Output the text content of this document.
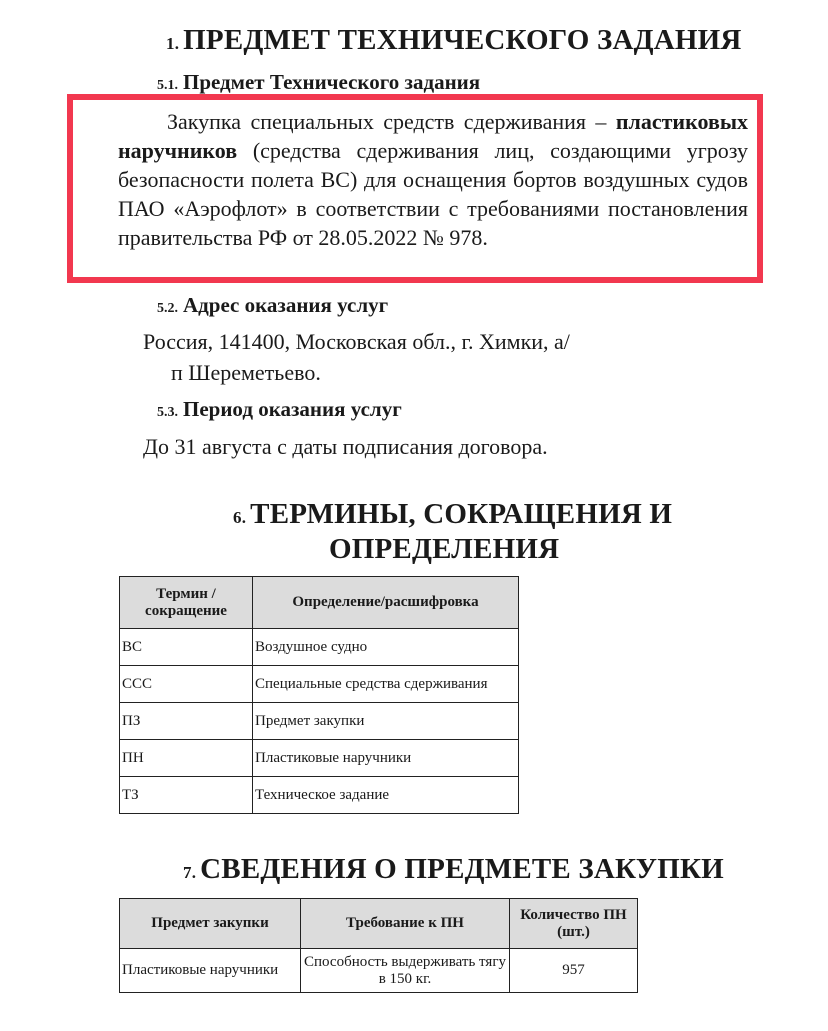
1. ПРЕДМЕТ ТЕХНИЧЕСКОГО ЗАДАНИЯ
5.1. Предмет Технического задания
Закупка специальных средств сдерживания – пластиковых наручников (средства сдерживания лиц, создающими угрозу безопасности полета ВС) для оснащения бортов воздушных судов ПАО «Аэрофлот» в соответствии с требованиями постановления правительства РФ от 28.05.2022 № 978.
5.2. Адрес оказания услуг
Россия, 141400, Московская обл., г. Химки, а/
п Шереметьево.
5.3. Период оказания услуг
До 31 августа с даты подписания договора.
6. ТЕРМИНЫ, СОКРАЩЕНИЯ И
ОПРЕДЕЛЕНИЯ
Термин / сокращение	Определение/расшифровка
ВС	Воздушное судно
ССС	Специальные средства сдерживания
ПЗ	Предмет закупки
ПН	Пластиковые наручники
ТЗ	Техническое задание
7. СВЕДЕНИЯ О ПРЕДМЕТЕ ЗАКУПКИ
Предмет закупки	Требование к ПН	Количество ПН (шт.)
Пластиковые наручники	Способность выдерживать тягу в 150 кг.	957
